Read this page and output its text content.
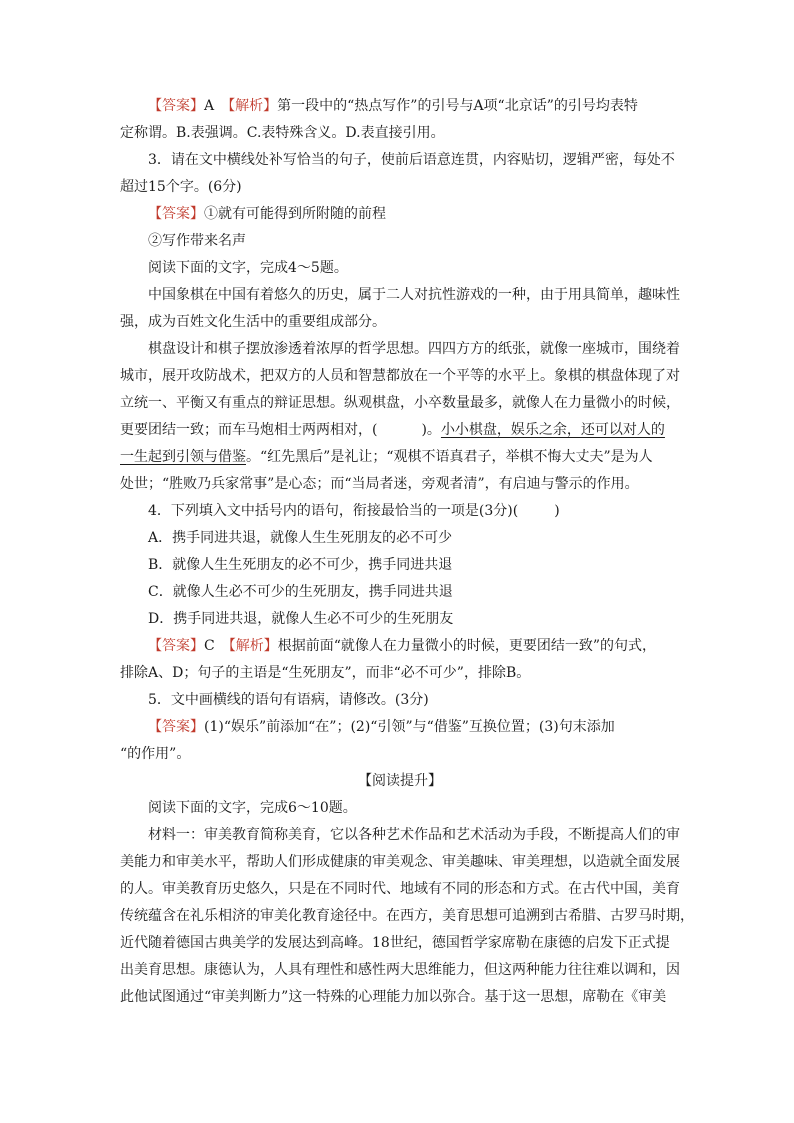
【答案】A　【解析】第一段中的“热点写作”的引号与A项“北京话”的引号均表特
定称谓。B.表强调。C.表特殊含义。D.表直接引用。
3．请在文中横线处补写恰当的句子，使前后语意连贯，内容贴切，逻辑严密，每处不
超过15个字。(6分)
【答案】①就有可能得到所附随的前程
②写作带来名声
阅读下面的文字，完成4～5题。
中国象棋在中国有着悠久的历史，属于二人对抗性游戏的一种，由于用具简单，趣味性
强，成为百姓文化生活中的重要组成部分。
棋盘设计和棋子摆放渗透着浓厚的哲学思想。四四方方的纸张，就像一座城市，围绕着
城市，展开攻防战术，把双方的人员和智慧都放在一个平等的水平上。象棋的棋盘体现了对
立统一、平衡又有重点的辩证思想。纵观棋盘，小卒数量最多，就像人在力量微小的时候，
更要团结一致；而车马炮相士两两相对，(	)。小小棋盘，娱乐之余，还可以对人的
一生起到引领与借鉴。“红先黑后”是礼让；“观棋不语真君子，举棋不悔大丈夫”是为人
处世；“胜败乃兵家常事”是心态；而“当局者迷，旁观者清”，有启迪与警示的作用。
4．下列填入文中括号内的语句，衔接最恰当的一项是(3分)(	)
A．携手同进共退，就像人生生死朋友的必不可少
B．就像人生生死朋友的必不可少，携手同进共退
C．就像人生必不可少的生死朋友，携手同进共退
D．携手同进共退，就像人生必不可少的生死朋友
【答案】C　【解析】根据前面“就像人在力量微小的时候，更要团结一致”的句式，
排除A、D；句子的主语是“生死朋友”，而非“必不可少”，排除B。
5．文中画横线的语句有语病，请修改。(3分)
【答案】(1)“娱乐”前添加“在”；(2)“引领”与“借鉴”互换位置；(3)句末添加
“的作用”。
【阅读提升】
阅读下面的文字，完成6～10题。
材料一：审美教育简称美育，它以各种艺术作品和艺术活动为手段，不断提高人们的审
美能力和审美水平，帮助人们形成健康的审美观念、审美趣味、审美理想，以造就全面发展
的人。审美教育历史悠久，只是在不同时代、地域有不同的形态和方式。在古代中国，美育
传统蕴含在礼乐相济的审美化教育途径中。在西方，美育思想可追溯到古希腊、古罗马时期，
近代随着德国古典美学的发展达到高峰。18世纪，德国哲学家席勒在康德的启发下正式提
出美育思想。康德认为，人具有理性和感性两大思维能力，但这两种能力往往难以调和，因
此他试图通过“审美判断力”这一特殊的心理能力加以弥合。基于这一思想，席勒在《审美
